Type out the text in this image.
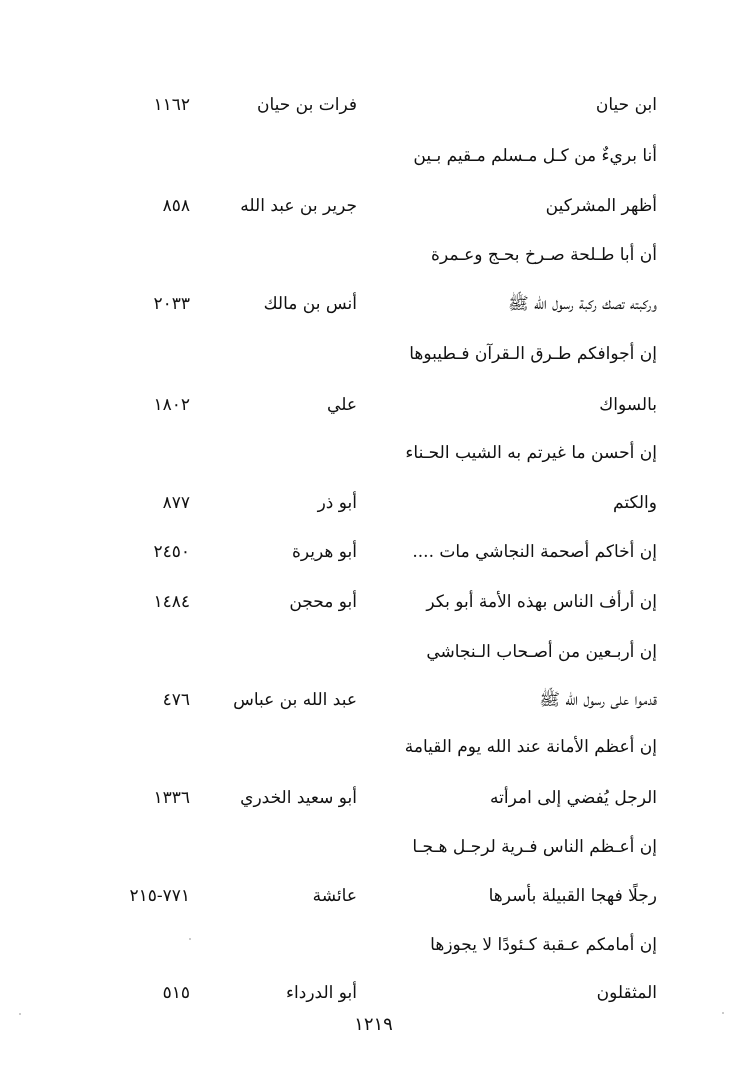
ابن حيان
فرات بن حيان
١١٦٢
أنا بريءٌ من كـل مـسلم مـقيم بـين
أظهر المشركين
جرير بن عبد الله
٨٥٨
أن أبا طـلحة صـرخ بحـج وعـمرة
وركبته تصك ركبة رسول الله ﷺ
أنس بن مالك
٢٠٣٣
إن أجوافكم طـرق الـقرآن فـطيبوها
بالسواك
علي
١٨٠٢
إن أحسن ما غيرتم به الشيب الحـناء
والكتم
أبو ذر
٨٧٧
إن أخاكم أصحمة النجاشي مات ....
أبو هريرة
٢٤٥٠
إن أرأف الناس بهذه الأمة أبو بكر
أبو محجن
١٤٨٤
إن أربـعين من أصـحاب الـنجاشي
قدموا على رسول الله ﷺ
عبد الله بن عباس
٤٧٦
إن أعظم الأمانة عند الله يوم القيامة
الرجل يُفضي إلى امرأته
أبو سعيد الخدري
١٣٣٦
إن أعـظم الناس فـرية لرجـل هـجـا
رجلًا فهجا القبيلة بأسرها
عائشة
٧٧١-٢١٥
إن أمامكم عـقبة كـئودًا لا يجوزها
المثقلون
أبو الدرداء
٥١٥
١٢١٩
